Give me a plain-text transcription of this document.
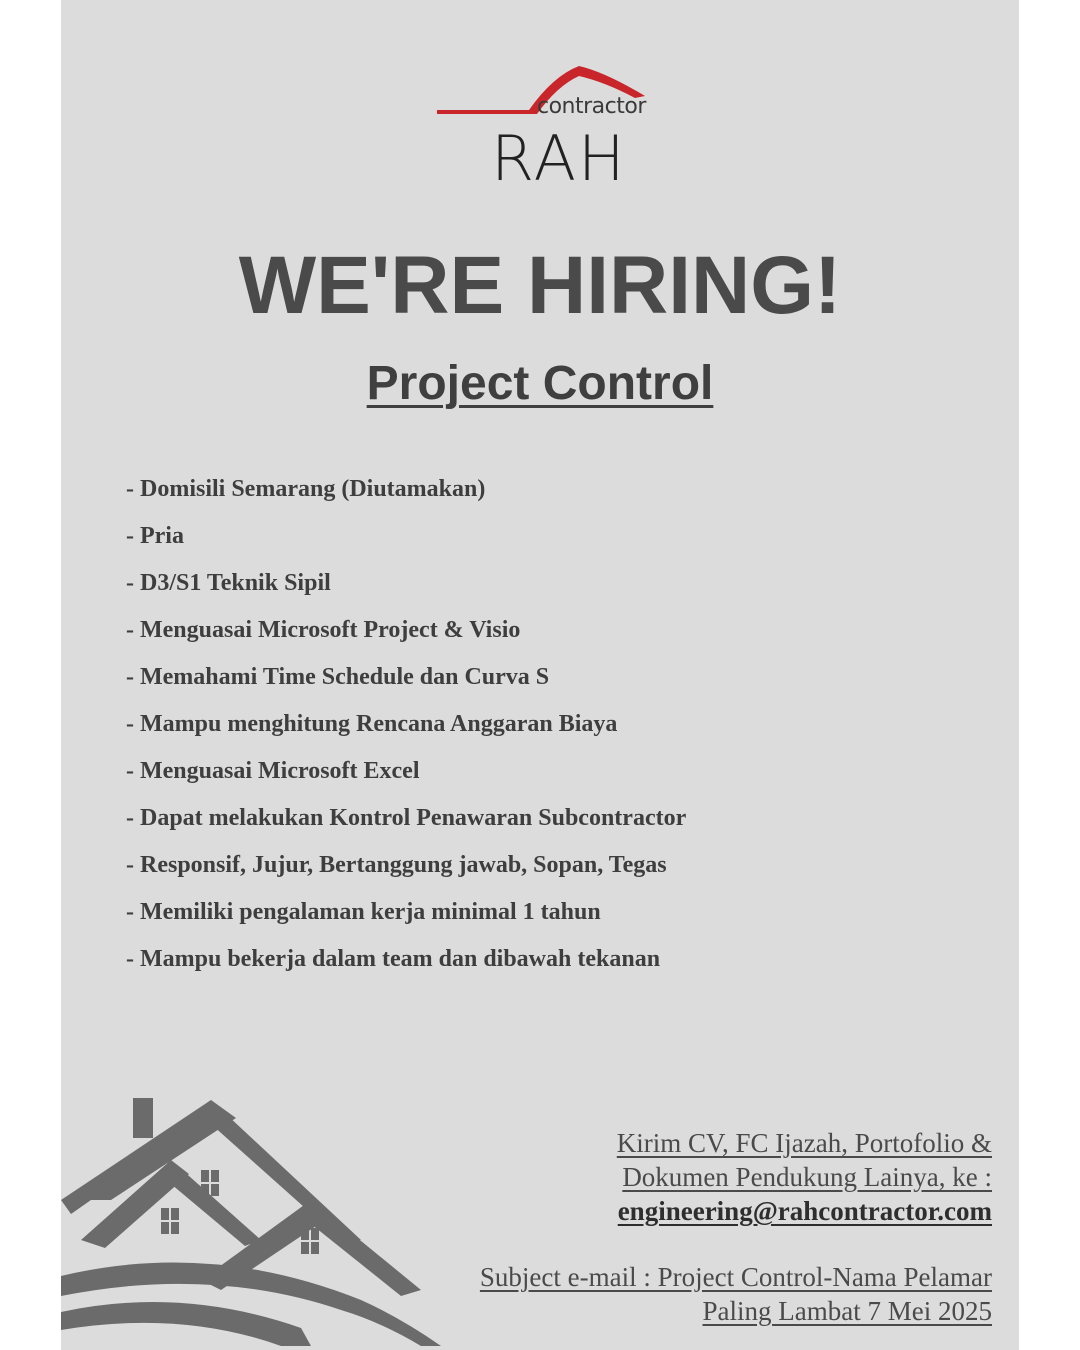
contractor
RAH
WE'RE HIRING!
Project Control
- Domisili Semarang (Diutamakan)
- Pria
- D3/S1 Teknik Sipil
- Menguasai Microsoft Project & Visio
- Memahami Time Schedule dan Curva S
- Mampu menghitung Rencana Anggaran Biaya
- Menguasai Microsoft Excel
- Dapat melakukan Kontrol Penawaran Subcontractor
- Responsif, Jujur, Bertanggung jawab, Sopan, Tegas
- Memiliki pengalaman kerja minimal 1 tahun
- Mampu bekerja dalam team dan dibawah tekanan
Kirim CV, FC Ijazah, Portofolio &
Dokumen Pendukung Lainya, ke :
engineering@rahcontractor.com
Subject e-mail : Project Control-Nama Pelamar
Paling Lambat 7 Mei 2025
